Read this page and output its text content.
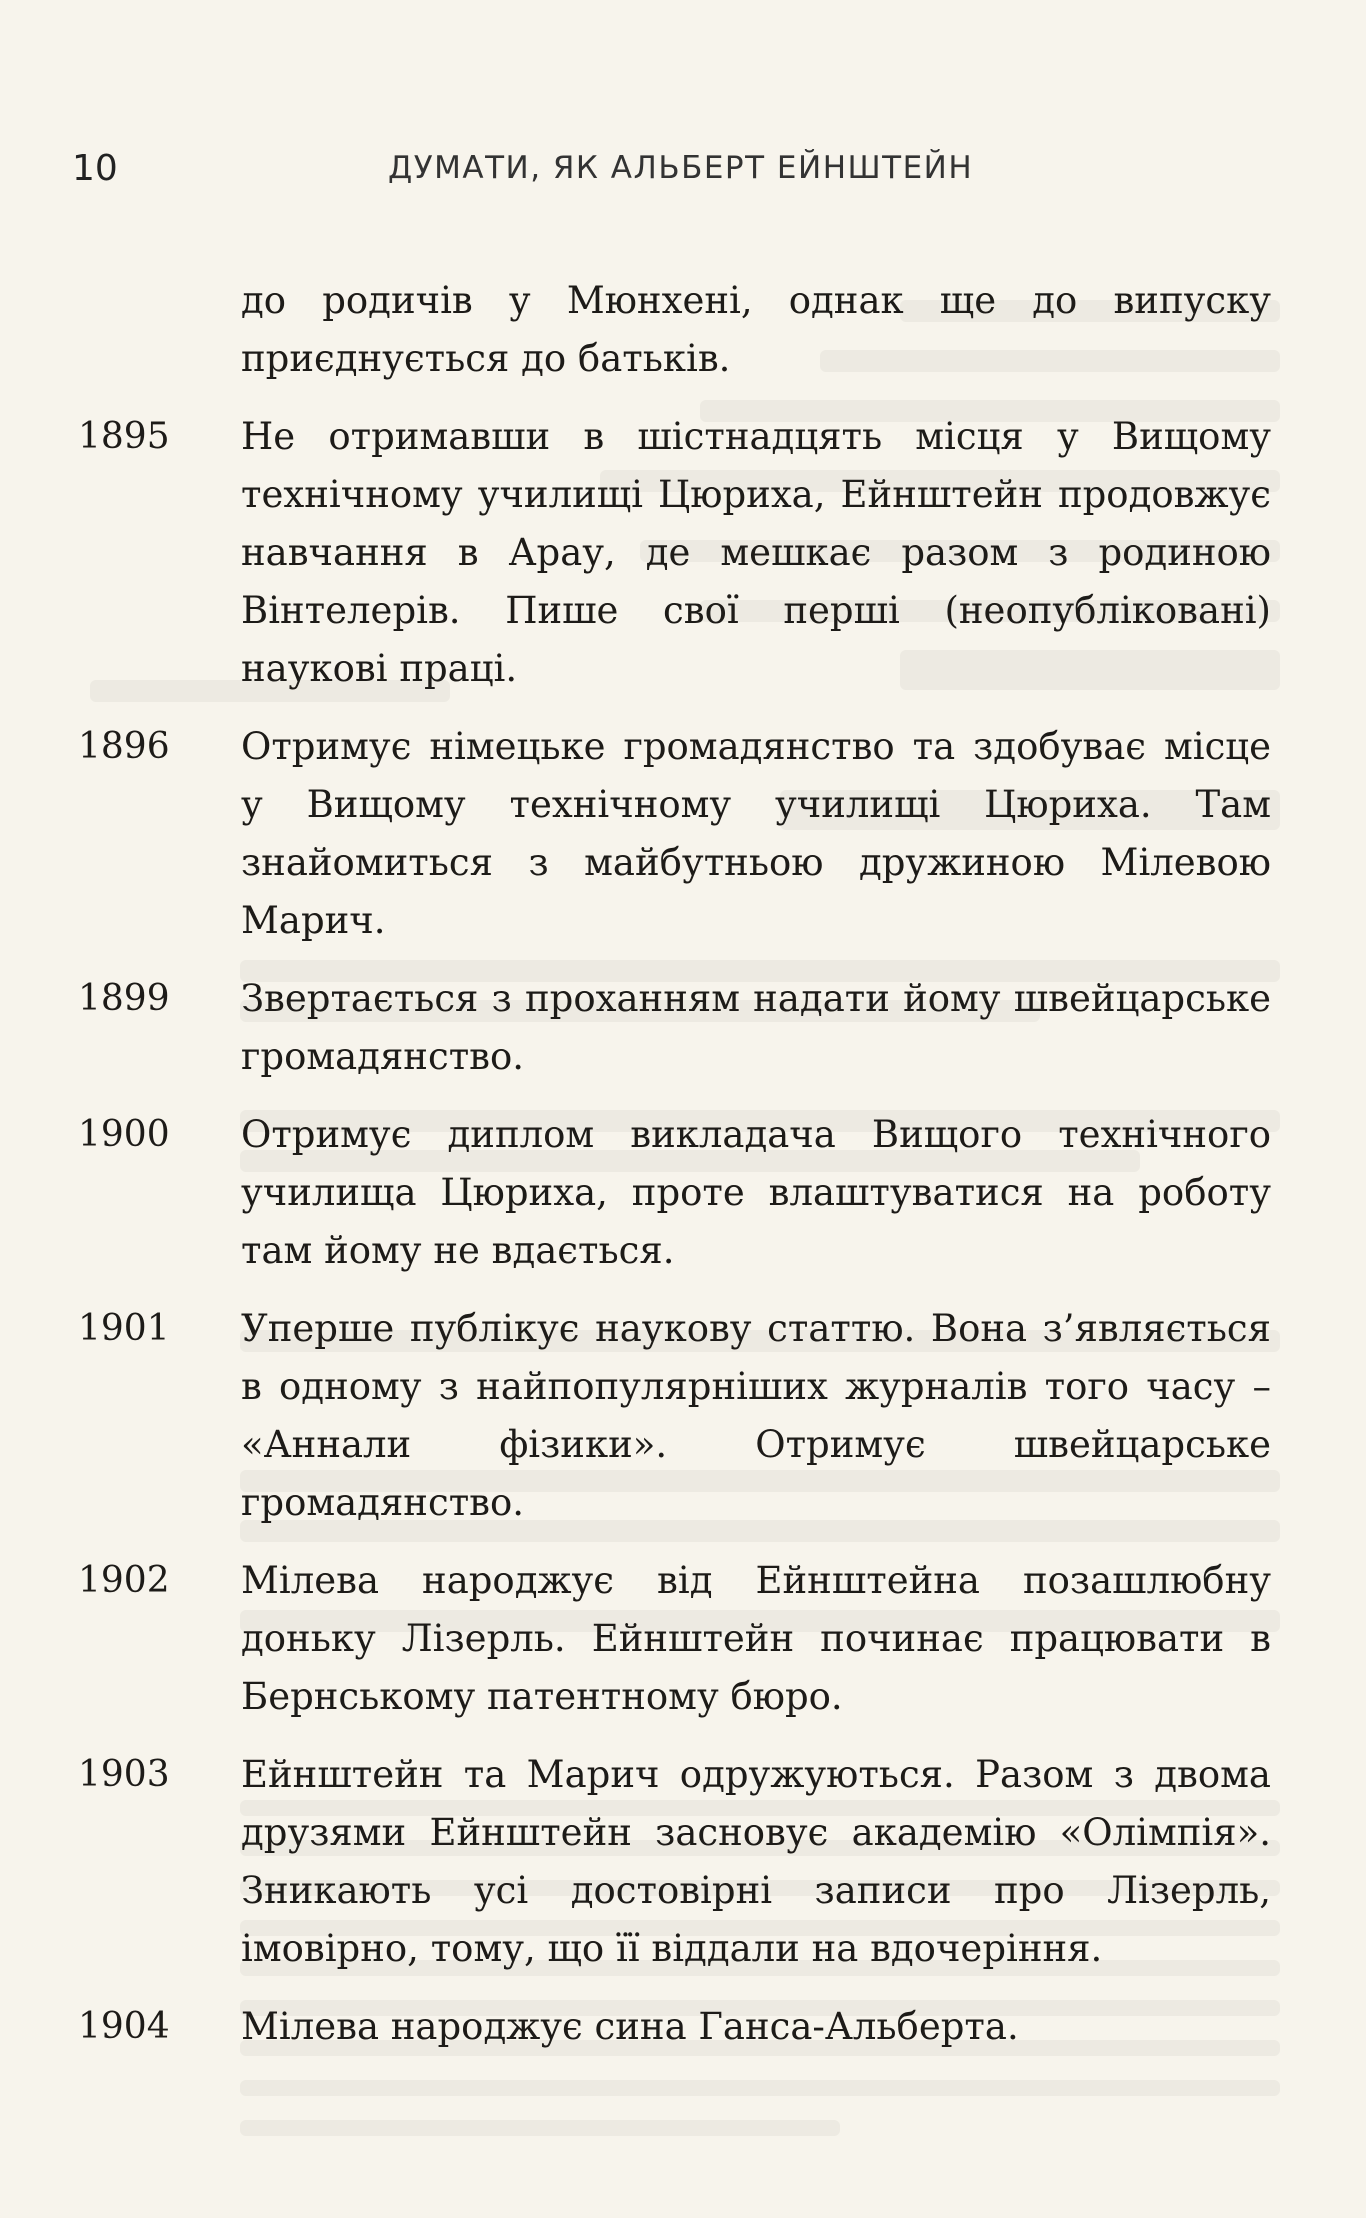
10	ДУМАТИ, ЯК АЛЬБЕРТ ЕЙНШТЕЙН
до родичів у Мюнхені, однак ще до випуску приєднується до батьків.
1895	Не отримавши в шістнадцять місця у Вищому технічному училищі Цюриха, Ейнштейн продовжує навчання в Арау, де мешкає разом з родиною Вінтелерів. Пише свої перші (неопубліковані) наукові праці.
1896	Отримує німецьке громадянство та здобуває місце у Вищому технічному училищі Цюриха. Там знайомиться з майбутньою дружиною Мілевою Марич.
1899	Звертається з проханням надати йому швейцарське громадянство.
1900	Отримує диплом викладача Вищого технічного училища Цюриха, проте влаштуватися на роботу там йому не вдається.
1901	Уперше публікує наукову статтю. Вона з’являється в одному з найпопулярніших журналів того часу – «Аннали фізики». Отримує швейцарське громадянство.
1902	Мілева народжує від Ейнштейна позашлюбну доньку Лізерль. Ейнштейн починає працювати в Бернському патентному бюро.
1903	Ейнштейн та Марич одружуються. Разом з двома друзями Ейнштейн засновує академію «Олімпія». Зникають усі достовірні записи про Лізерль, імовірно, тому, що її віддали на вдочеріння.
1904	Мілева народжує сина Ганса-Альберта.
